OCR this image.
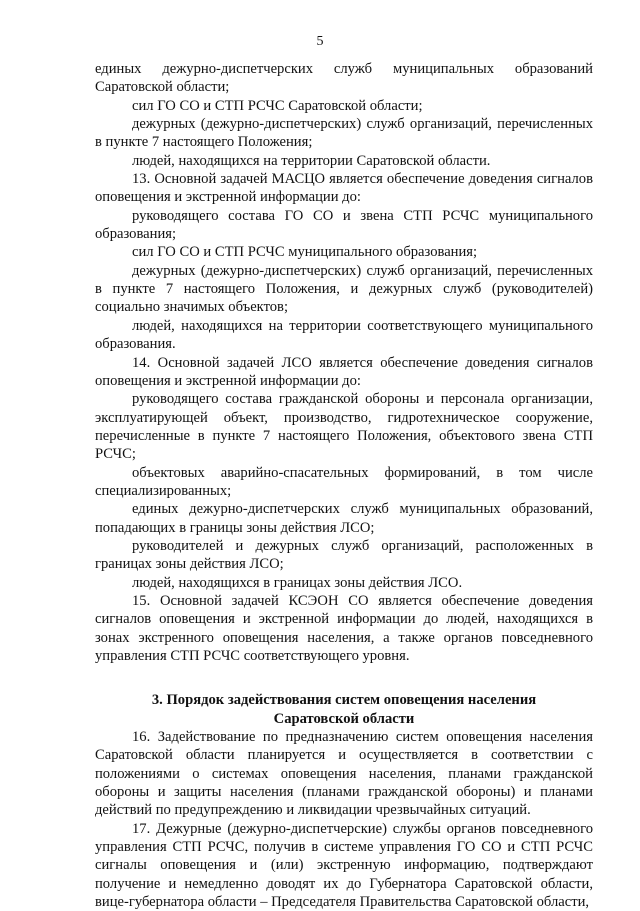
5

единых дежурно-диспетчерских служб муниципальных образований Саратовской области;

сил ГО СО и СТП РСЧС Саратовской области;

дежурных (дежурно-диспетчерских) служб организаций, перечисленных в пункте 7 настоящего Положения;

людей, находящихся на территории Саратовской области.

13. Основной задачей МАСЦО является обеспечение доведения сигналов оповещения и экстренной информации до:

руководящего состава ГО СО и звена СТП РСЧС муниципального образования;

сил ГО СО и СТП РСЧС муниципального образования;

дежурных (дежурно-диспетчерских) служб организаций, перечисленных в пункте 7 настоящего Положения, и дежурных служб (руководителей) социально значимых объектов;

людей, находящихся на территории соответствующего муниципального образования.

14. Основной задачей ЛСО является обеспечение доведения сигналов оповещения и экстренной информации до:

руководящего состава гражданской обороны и персонала организации, эксплуатирующей объект, производство, гидротехническое сооружение, перечисленные в пункте 7 настоящего Положения, объектового звена СТП РСЧС;

объектовых аварийно-спасательных формирований, в том числе специализированных;

единых дежурно-диспетчерских служб муниципальных образований, попадающих в границы зоны действия ЛСО;

руководителей и дежурных служб организаций, расположенных в границах зоны действия ЛСО;

людей, находящихся в границах зоны действия ЛСО.

15. Основной задачей КСЭОН СО является обеспечение доведения сигналов оповещения и экстренной информации до людей, находящихся в зонах экстренного оповещения населения, а также органов повседневного управления СТП РСЧС соответствующего уровня.

3. Порядок задействования систем оповещения населения
Саратовской области

16. Задействование по предназначению систем оповещения населения Саратовской области планируется и осуществляется в соответствии с положениями о системах оповещения населения, планами гражданской обороны и защиты населения (планами гражданской обороны) и планами действий по предупреждению и ликвидации чрезвычайных ситуаций.

17. Дежурные (дежурно-диспетчерские) службы органов повседневного управления СТП РСЧС, получив в системе управления ГО СО и СТП РСЧС сигналы оповещения и (или) экстренную информацию, подтверждают получение и немедленно доводят их до Губернатора Саратовской области, вице-губернатора области – Председателя Правительства Саратовской области,
